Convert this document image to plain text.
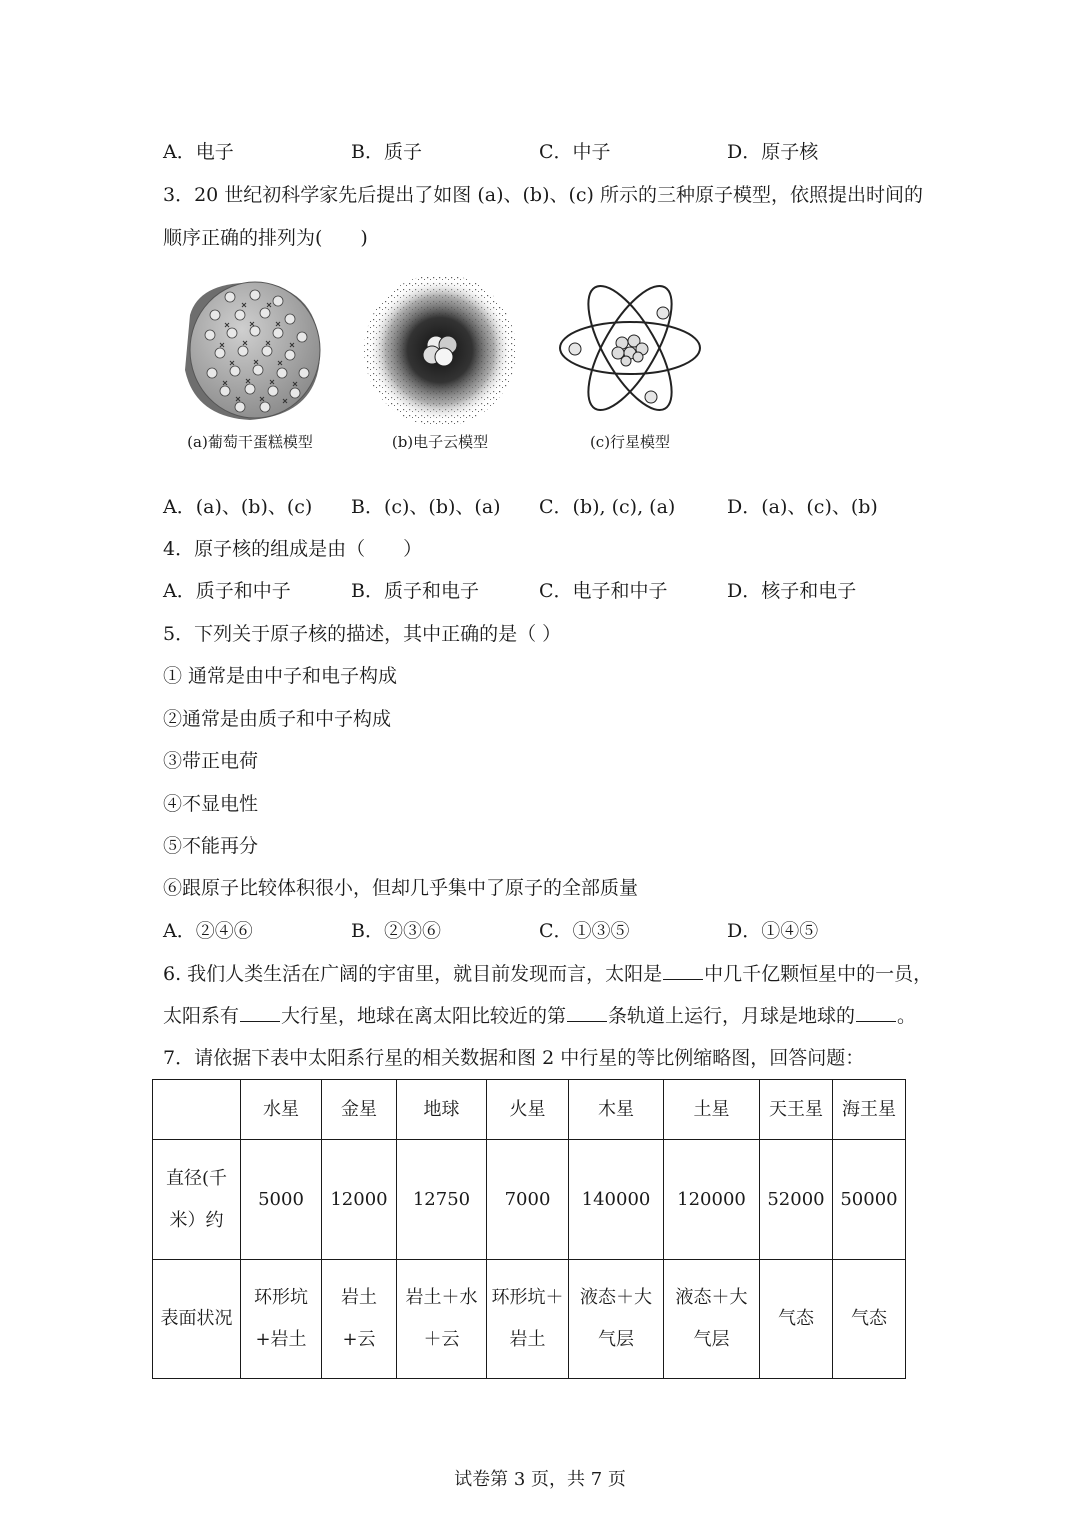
A．电子	B．质子	C．中子	D．原子核
3．20 世纪初科学家先后提出了如图 (a)、(b)、(c) 所示的三种原子模型，依照提出时间的
顺序正确的排列为(　　)
(a)葡萄干蛋糕模型	(b)电子云模型	(c)行星模型
A．(a)、(b)、(c) B．(c)、(b)、(a) C．(b), (c), (a)	D．(a)、(c)、(b)
4．原子核的组成是由（　　）
A．质子和中子	B．质子和电子	C．电子和中子	D．核子和电子
5．下列关于原子核的描述，其中正确的是（ ）
① 通常是由中子和电子构成
②通常是由质子和中子构成
③带正电荷
④不显电性
⑤不能再分
⑥跟原子比较体积很小，但却几乎集中了原子的全部质量
A．②④⑥	B．②③⑥	C．①③⑤	D．①④⑤
6. 我们人类生活在广阔的宇宙里，就目前发现而言，太阳是 中几千亿颗恒星中的一员，
太阳系有 大行星，地球在离太阳比较近的第 条轨道上运行，月球是地球的 。
7．请依据下表中太阳系行星的相关数据和图 2 中行星的等比例缩略图，回答问题：
	水星	金星	地球	火星	木星	土星	天王星	海王星
直径(千米）约	5000	12000	12750	7000	140000	120000	52000	50000
表面状况	环形坑+岩土	岩土+云	岩土＋水＋云	环形坑＋岩土	液态＋大气层	液态＋大气层	气态	气态
试卷第 3 页，共 7 页
